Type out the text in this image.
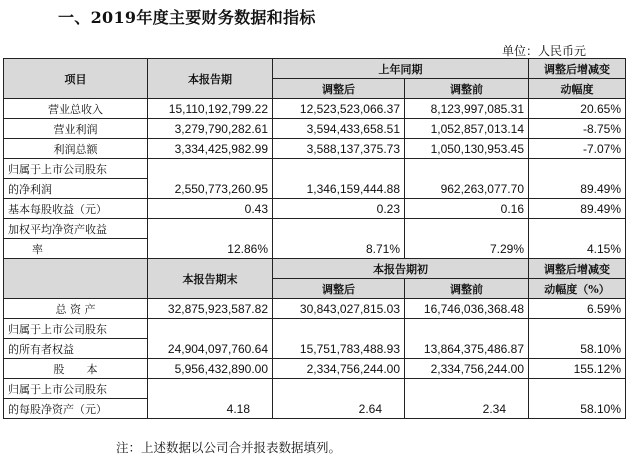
一、2019年度主要财务数据和指标
单位：人民币元
项目	本报告期	上年同期		调整后增减变
		调整后	调整前	动幅度
营业总收入	15,110,192,799.22	12,523,523,066.37	8,123,997,085.31	20.65%
营业利润	3,279,790,282.61	3,594,433,658.51	1,052,857,013.14	-8.75%
利润总额	3,334,425,982.99	3,588,137,375.73	1,050,130,953.45	-7.07%
归属于上市公司股东	2,550,773,260.95	1,346,159,444.88	962,263,077.70	89.49%
的净利润				
基本每股收益（元）	0.43	0.23	0.16	89.49%
加权平均净资产收益	12.86%	8.71%	7.29%	4.15%
率				
	本报告期末	本报告期初		调整后增减变
		调整后	调整前	动幅度（%）
总 资 产	32,875,923,587.82	30,843,027,815.03	16,746,036,368.48	6.59%
归属于上市公司股东	24,904,097,760.64	15,751,783,488.93	13,864,375,486.87	58.10%
的所有者权益				
股　　本	5,956,432,890.00	2,334,756,244.00	2,334,756,244.00	155.12%
归属于上市公司股东	4.18	2.64	2.34	58.10%
的每股净资产（元）				
注：上述数据以公司合并报表数据填列。
